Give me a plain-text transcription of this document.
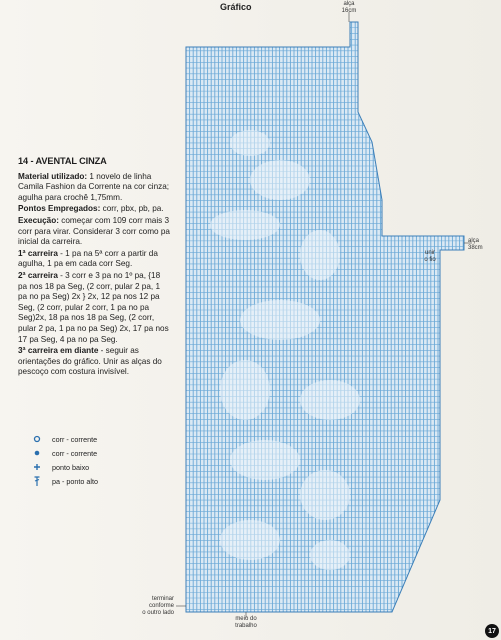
Gráfico	alça
16cm
alça
38cm
unir
o fio
terminar
conforme
o outro lado
meio do
trabalho
14 - AVENTAL CINZA

Material utilizado: 1 novelo de linha Camila Fashion da Corrente na cor cinza; agulha para crochê 1,75mm.

Pontos Empregados: corr, pbx, pb, pa.

Execução: começar com 109 corr mais 3 corr para virar. Considerar 3 corr como pa inicial da carreira.

1ª carreira - 1 pa na 5ª corr a partir da agulha, 1 pa em cada corr Seg.

2ª carreira - 3 corr e 3 pa no 1º pa, {18 pa nos 18 pa Seg, (2 corr, pular 2 pa, 1 pa no pa Seg) 2x } 2x, 12 pa nos 12 pa Seg, (2 corr, pular 2 corr, 1 pa no pa Seg)2x, 18 pa nos 18 pa Seg, (2 corr, pular 2 pa, 1 pa no pa Seg) 2x, 17 pa nos 17 pa Seg, 4 pa no pa Seg.

3ª carreira em diante - seguir as orientações do gráfico. Unir as alças do pescoço com costura invisível.

corr - corrente
corr - corrente
ponto baixo
pa - ponto alto
17
